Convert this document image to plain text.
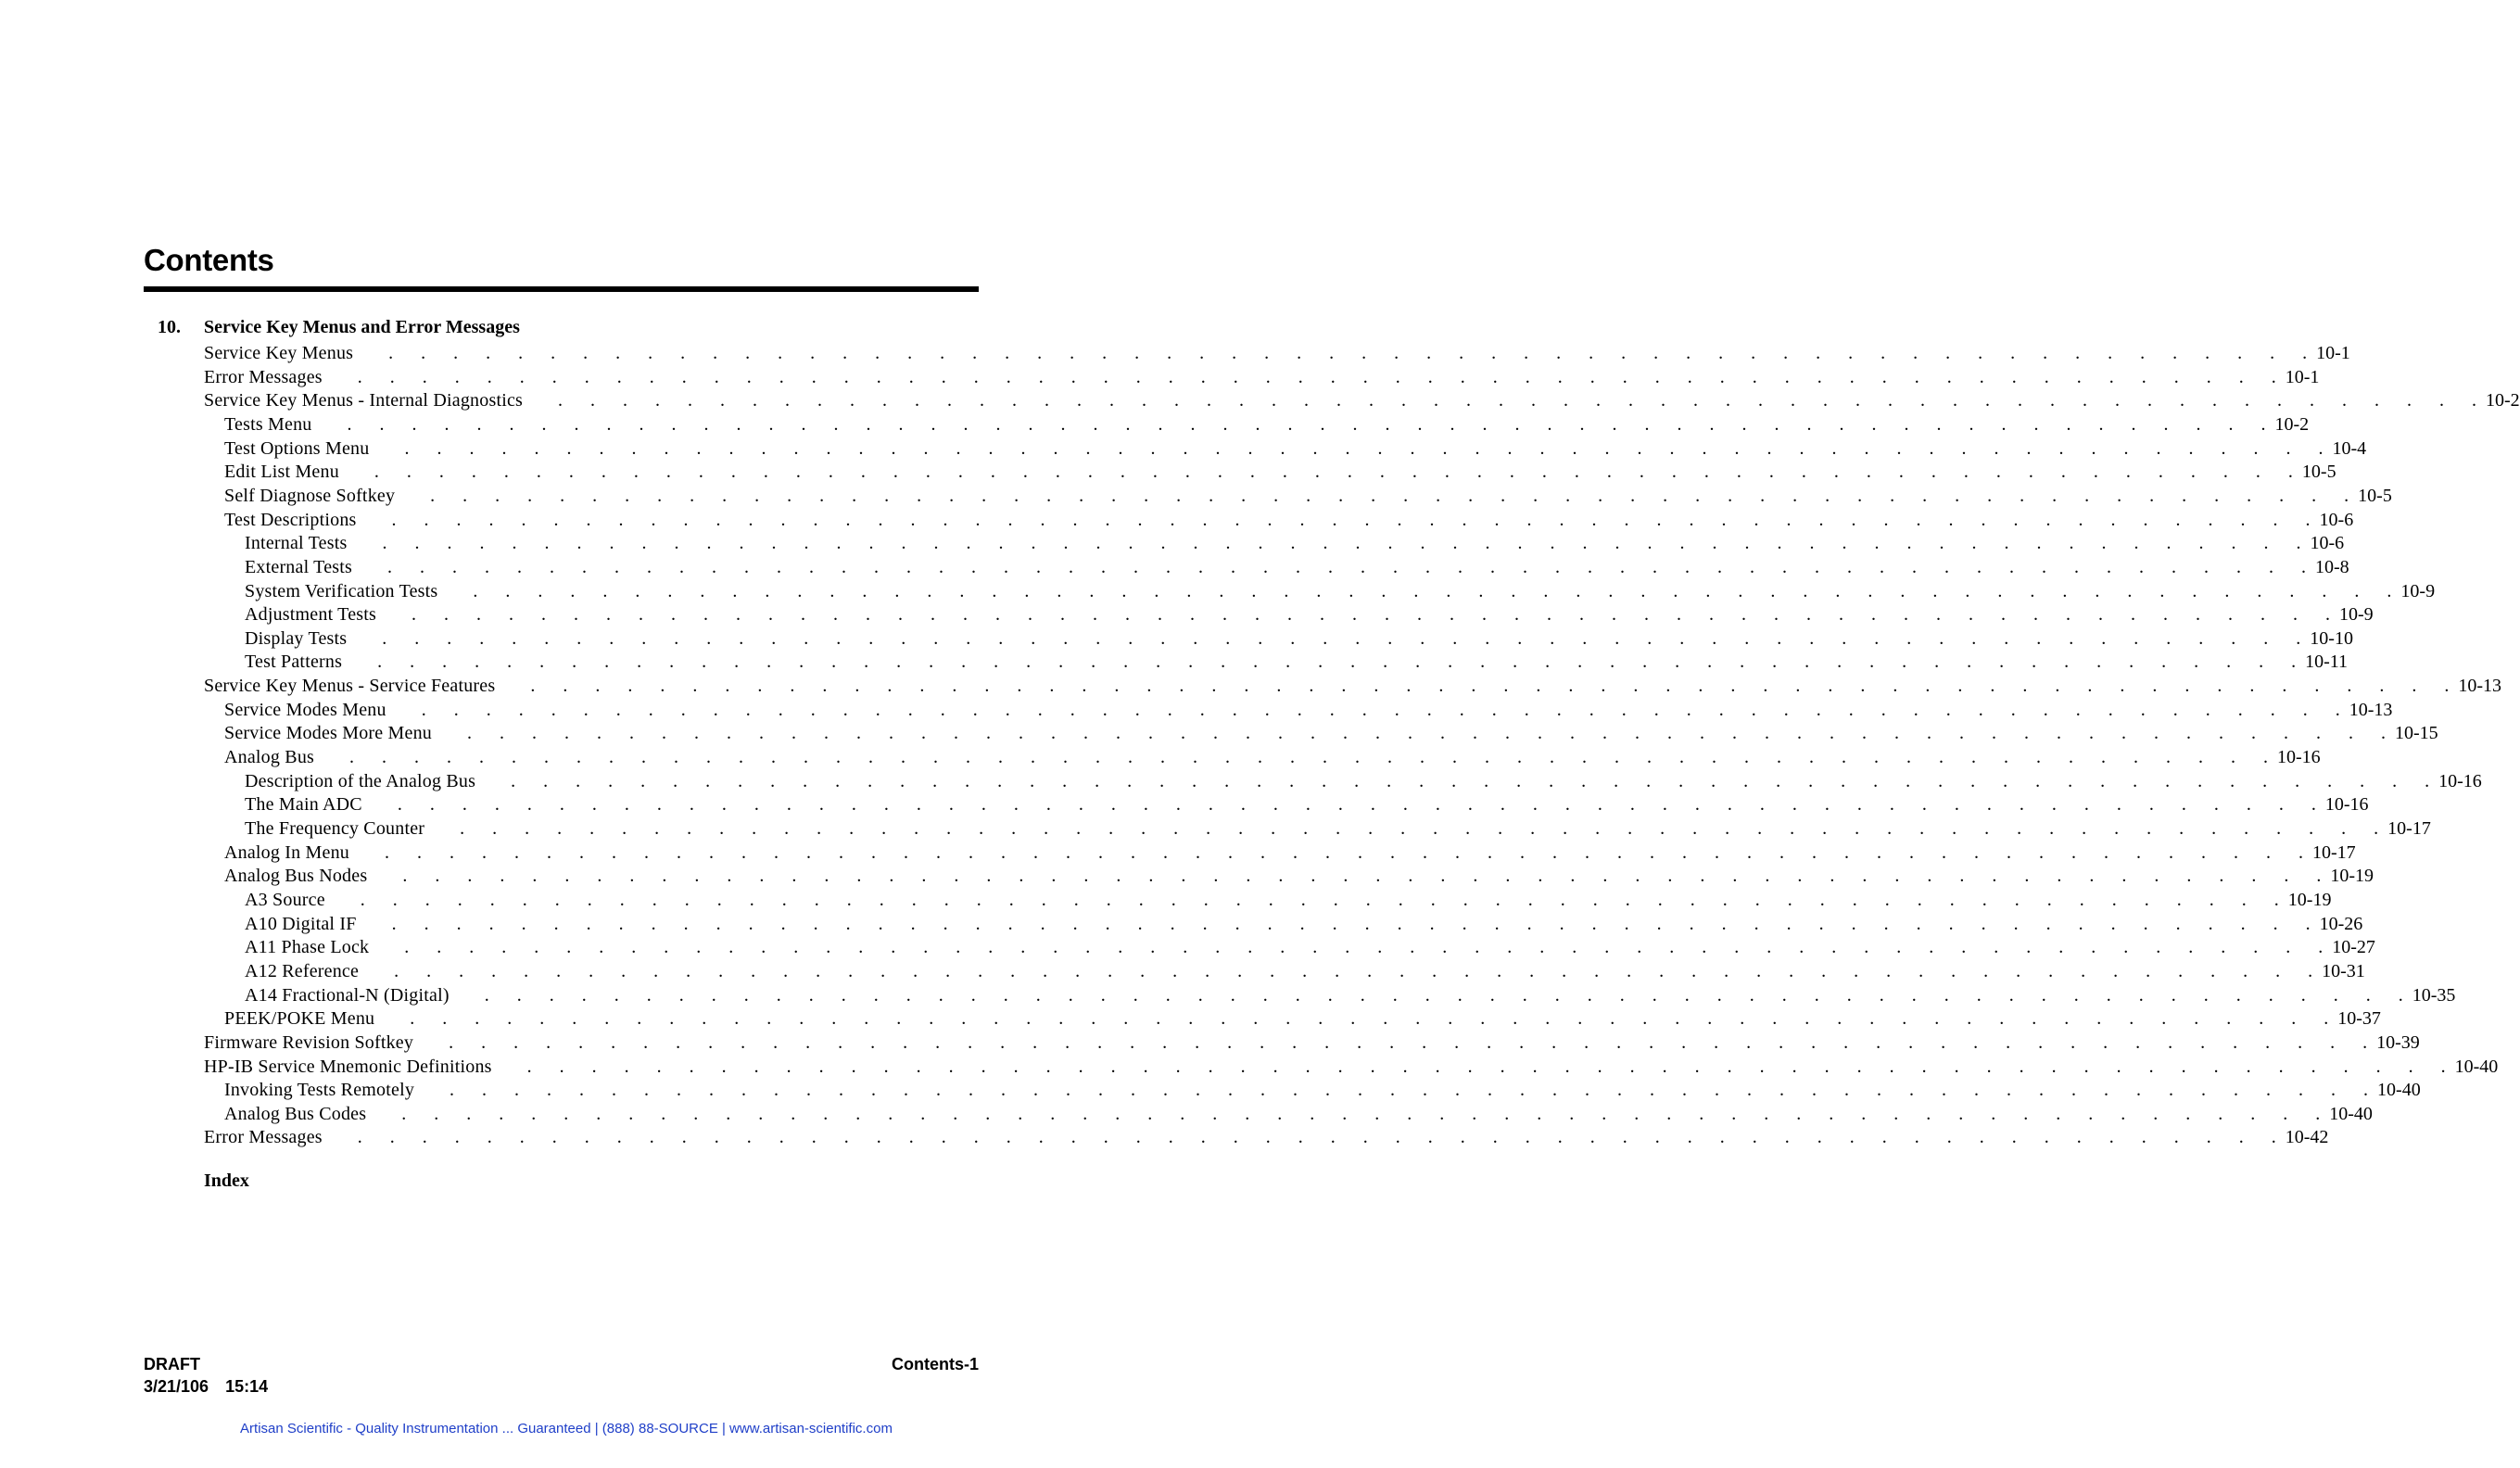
Contents
10. Service Key Menus and Error Messages
Service Key Menus .  .  .  .  .  .  .  .  .  .  .  .  .  .  .  .  .  .  .  .  .  .  .  .  .  .  .  .  .  .  .  .  .  .  .  .  .  .  .  .  .  .  .  .  .  .  .  .  .  .  .  .  .  .  .  .  .  .  .  .   10-1
Error Messages .  .  .  .  .  .  .  .  .  .  .  .  .  .  .  .  .  .  .  .  .  .  .  .  .  .  .  .  .  .  .  .  .  .  .  .  .  .  .  .  .  .  .  .  .  .  .  .  .  .  .  .  .  .  .  .  .  .  .  .   10-1
Service Key Menus - Internal Diagnostics .  .  .  .  .  .  .  .  .  .  .  .  .  .  .  .  .  .  .  .  .  .  .  .  .  .  .  .  .  .  .  .  .  .  .  .  .  .  .  .  .  .  .  .  .  .  .  .  .  .  .  .  .  .  .  .  .  .  .  .   10-2
Tests Menu .  .  .  .  .  .  .  .  .  .  .  .  .  .  .  .  .  .  .  .  .  .  .  .  .  .  .  .  .  .  .  .  .  .  .  .  .  .  .  .  .  .  .  .  .  .  .  .  .  .  .  .  .  .  .  .  .  .  .  .   10-2
Test Options Menu .  .  .  .  .  .  .  .  .  .  .  .  .  .  .  .  .  .  .  .  .  .  .  .  .  .  .  .  .  .  .  .  .  .  .  .  .  .  .  .  .  .  .  .  .  .  .  .  .  .  .  .  .  .  .  .  .  .  .  .   10-4
Edit List Menu .  .  .  .  .  .  .  .  .  .  .  .  .  .  .  .  .  .  .  .  .  .  .  .  .  .  .  .  .  .  .  .  .  .  .  .  .  .  .  .  .  .  .  .  .  .  .  .  .  .  .  .  .  .  .  .  .  .  .  .   10-5
Self Diagnose Softkey .  .  .  .  .  .  .  .  .  .  .  .  .  .  .  .  .  .  .  .  .  .  .  .  .  .  .  .  .  .  .  .  .  .  .  .  .  .  .  .  .  .  .  .  .  .  .  .  .  .  .  .  .  .  .  .  .  .  .  .   10-5
Test Descriptions .  .  .  .  .  .  .  .  .  .  .  .  .  .  .  .  .  .  .  .  .  .  .  .  .  .  .  .  .  .  .  .  .  .  .  .  .  .  .  .  .  .  .  .  .  .  .  .  .  .  .  .  .  .  .  .  .  .  .  .   10-6
Internal Tests .  .  .  .  .  .  .  .  .  .  .  .  .  .  .  .  .  .  .  .  .  .  .  .  .  .  .  .  .  .  .  .  .  .  .  .  .  .  .  .  .  .  .  .  .  .  .  .  .  .  .  .  .  .  .  .  .  .  .  .   10-6
External Tests .  .  .  .  .  .  .  .  .  .  .  .  .  .  .  .  .  .  .  .  .  .  .  .  .  .  .  .  .  .  .  .  .  .  .  .  .  .  .  .  .  .  .  .  .  .  .  .  .  .  .  .  .  .  .  .  .  .  .  .   10-8
System Verification Tests .  .  .  .  .  .  .  .  .  .  .  .  .  .  .  .  .  .  .  .  .  .  .  .  .  .  .  .  .  .  .  .  .  .  .  .  .  .  .  .  .  .  .  .  .  .  .  .  .  .  .  .  .  .  .  .  .  .  .  .   10-9
Adjustment Tests .  .  .  .  .  .  .  .  .  .  .  .  .  .  .  .  .  .  .  .  .  .  .  .  .  .  .  .  .  .  .  .  .  .  .  .  .  .  .  .  .  .  .  .  .  .  .  .  .  .  .  .  .  .  .  .  .  .  .  .   10-9
Display Tests .  .  .  .  .  .  .  .  .  .  .  .  .  .  .  .  .  .  .  .  .  .  .  .  .  .  .  .  .  .  .  .  .  .  .  .  .  .  .  .  .  .  .  .  .  .  .  .  .  .  .  .  .  .  .  .  .  .  .  .   10-10
Test Patterns .  .  .  .  .  .  .  .  .  .  .  .  .  .  .  .  .  .  .  .  .  .  .  .  .  .  .  .  .  .  .  .  .  .  .  .  .  .  .  .  .  .  .  .  .  .  .  .  .  .  .  .  .  .  .  .  .  .  .  .   10-11
Service Key Menus - Service Features .  .  .  .  .  .  .  .  .  .  .  .  .  .  .  .  .  .  .  .  .  .  .  .  .  .  .  .  .  .  .  .  .  .  .  .  .  .  .  .  .  .  .  .  .  .  .  .  .  .  .  .  .  .  .  .  .  .  .  .   10-13
Service Modes Menu .  .  .  .  .  .  .  .  .  .  .  .  .  .  .  .  .  .  .  .  .  .  .  .  .  .  .  .  .  .  .  .  .  .  .  .  .  .  .  .  .  .  .  .  .  .  .  .  .  .  .  .  .  .  .  .  .  .  .  .   10-13
Service Modes More Menu .  .  .  .  .  .  .  .  .  .  .  .  .  .  .  .  .  .  .  .  .  .  .  .  .  .  .  .  .  .  .  .  .  .  .  .  .  .  .  .  .  .  .  .  .  .  .  .  .  .  .  .  .  .  .  .  .  .  .  .   10-15
Analog Bus .  .  .  .  .  .  .  .  .  .  .  .  .  .  .  .  .  .  .  .  .  .  .  .  .  .  .  .  .  .  .  .  .  .  .  .  .  .  .  .  .  .  .  .  .  .  .  .  .  .  .  .  .  .  .  .  .  .  .  .   10-16
Description of the Analog Bus .  .  .  .  .  .  .  .  .  .  .  .  .  .  .  .  .  .  .  .  .  .  .  .  .  .  .  .  .  .  .  .  .  .  .  .  .  .  .  .  .  .  .  .  .  .  .  .  .  .  .  .  .  .  .  .  .  .  .  .   10-16
The Main ADC .  .  .  .  .  .  .  .  .  .  .  .  .  .  .  .  .  .  .  .  .  .  .  .  .  .  .  .  .  .  .  .  .  .  .  .  .  .  .  .  .  .  .  .  .  .  .  .  .  .  .  .  .  .  .  .  .  .  .  .   10-16
The Frequency Counter .  .  .  .  .  .  .  .  .  .  .  .  .  .  .  .  .  .  .  .  .  .  .  .  .  .  .  .  .  .  .  .  .  .  .  .  .  .  .  .  .  .  .  .  .  .  .  .  .  .  .  .  .  .  .  .  .  .  .  .   10-17
Analog In Menu .  .  .  .  .  .  .  .  .  .  .  .  .  .  .  .  .  .  .  .  .  .  .  .  .  .  .  .  .  .  .  .  .  .  .  .  .  .  .  .  .  .  .  .  .  .  .  .  .  .  .  .  .  .  .  .  .  .  .  .   10-17
Analog Bus Nodes .  .  .  .  .  .  .  .  .  .  .  .  .  .  .  .  .  .  .  .  .  .  .  .  .  .  .  .  .  .  .  .  .  .  .  .  .  .  .  .  .  .  .  .  .  .  .  .  .  .  .  .  .  .  .  .  .  .  .  .   10-19
A3 Source .  .  .  .  .  .  .  .  .  .  .  .  .  .  .  .  .  .  .  .  .  .  .  .  .  .  .  .  .  .  .  .  .  .  .  .  .  .  .  .  .  .  .  .  .  .  .  .  .  .  .  .  .  .  .  .  .  .  .  .   10-19
A10 Digital IF .  .  .  .  .  .  .  .  .  .  .  .  .  .  .  .  .  .  .  .  .  .  .  .  .  .  .  .  .  .  .  .  .  .  .  .  .  .  .  .  .  .  .  .  .  .  .  .  .  .  .  .  .  .  .  .  .  .  .  .   10-26
A11 Phase Lock .  .  .  .  .  .  .  .  .  .  .  .  .  .  .  .  .  .  .  .  .  .  .  .  .  .  .  .  .  .  .  .  .  .  .  .  .  .  .  .  .  .  .  .  .  .  .  .  .  .  .  .  .  .  .  .  .  .  .  .   10-27
A12 Reference .  .  .  .  .  .  .  .  .  .  .  .  .  .  .  .  .  .  .  .  .  .  .  .  .  .  .  .  .  .  .  .  .  .  .  .  .  .  .  .  .  .  .  .  .  .  .  .  .  .  .  .  .  .  .  .  .  .  .  .   10-31
A14 Fractional-N (Digital) .  .  .  .  .  .  .  .  .  .  .  .  .  .  .  .  .  .  .  .  .  .  .  .  .  .  .  .  .  .  .  .  .  .  .  .  .  .  .  .  .  .  .  .  .  .  .  .  .  .  .  .  .  .  .  .  .  .  .  .   10-35
PEEK/POKE Menu .  .  .  .  .  .  .  .  .  .  .  .  .  .  .  .  .  .  .  .  .  .  .  .  .  .  .  .  .  .  .  .  .  .  .  .  .  .  .  .  .  .  .  .  .  .  .  .  .  .  .  .  .  .  .  .  .  .  .  .   10-37
Firmware Revision Softkey .  .  .  .  .  .  .  .  .  .  .  .  .  .  .  .  .  .  .  .  .  .  .  .  .  .  .  .  .  .  .  .  .  .  .  .  .  .  .  .  .  .  .  .  .  .  .  .  .  .  .  .  .  .  .  .  .  .  .  .   10-39
HP-IB Service Mnemonic Definitions .  .  .  .  .  .  .  .  .  .  .  .  .  .  .  .  .  .  .  .  .  .  .  .  .  .  .  .  .  .  .  .  .  .  .  .  .  .  .  .  .  .  .  .  .  .  .  .  .  .  .  .  .  .  .  .  .  .  .  .   10-40
Invoking Tests Remotely .  .  .  .  .  .  .  .  .  .  .  .  .  .  .  .  .  .  .  .  .  .  .  .  .  .  .  .  .  .  .  .  .  .  .  .  .  .  .  .  .  .  .  .  .  .  .  .  .  .  .  .  .  .  .  .  .  .  .  .   10-40
Analog Bus Codes .  .  .  .  .  .  .  .  .  .  .  .  .  .  .  .  .  .  .  .  .  .  .  .  .  .  .  .  .  .  .  .  .  .  .  .  .  .  .  .  .  .  .  .  .  .  .  .  .  .  .  .  .  .  .  .  .  .  .  .   10-40
Error Messages .  .  .  .  .  .  .  .  .  .  .  .  .  .  .  .  .  .  .  .  .  .  .  .  .  .  .  .  .  .  .  .  .  .  .  .  .  .  .  .  .  .  .  .  .  .  .  .  .  .  .  .  .  .  .  .  .  .  .  .   10-42
Index
DRAFT
3/21/106 15:14
Contents-1
Artisan Scientific - Quality Instrumentation ... Guaranteed | (888) 88-SOURCE | www.artisan-scientific.com
